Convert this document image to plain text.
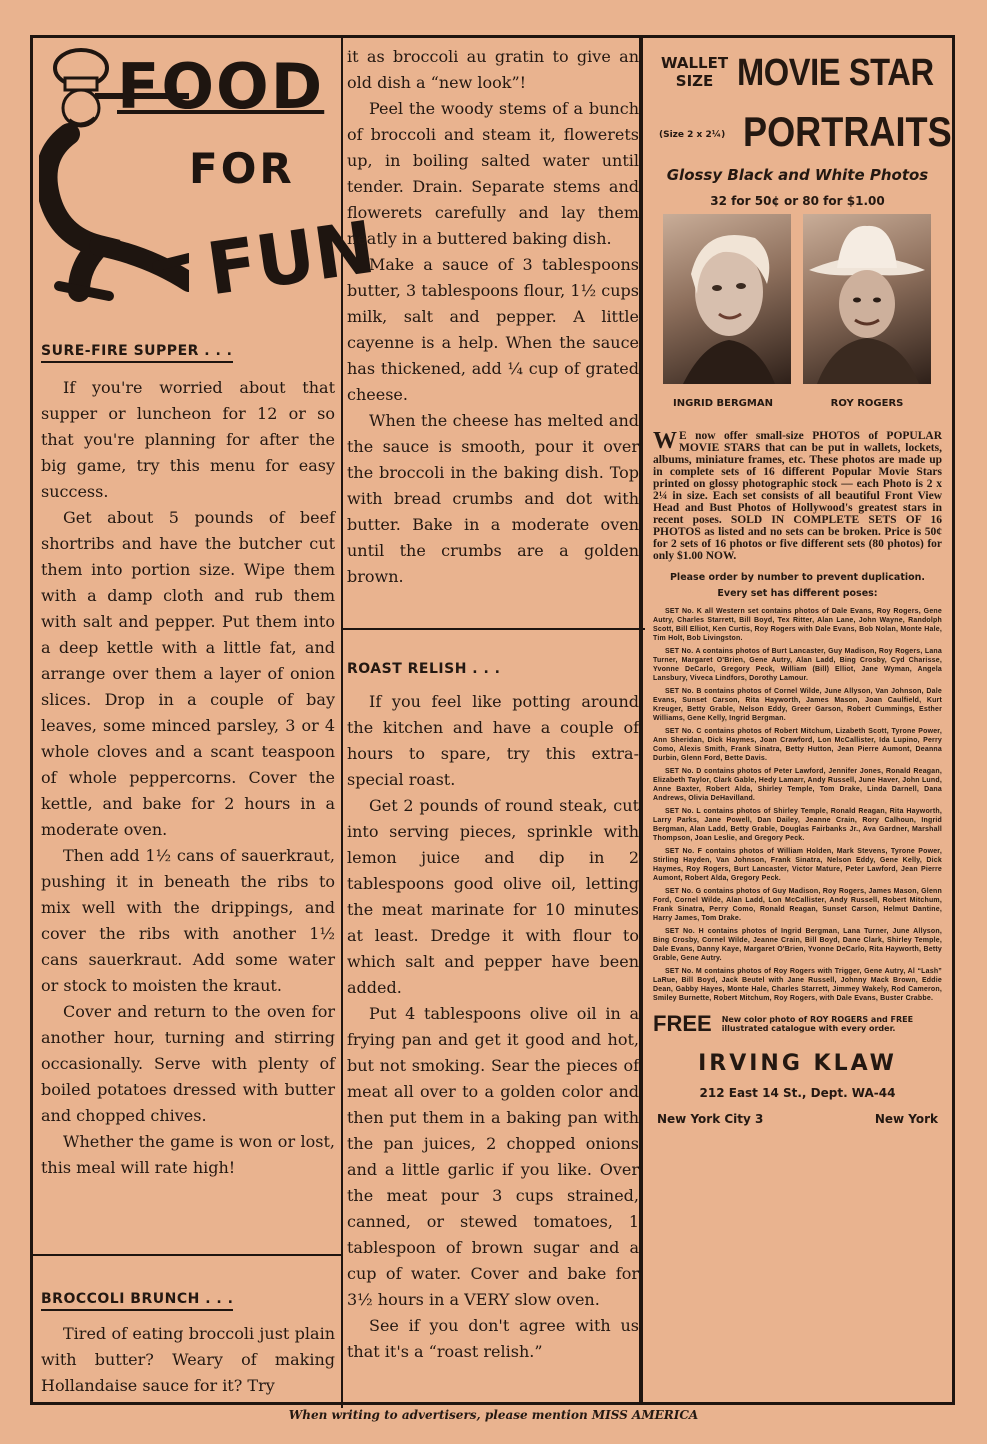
FOOD
FOR
FUN
SURE-FIRE SUPPER . . .

If you're worried about that supper or luncheon for 12 or so that you're planning for after the big game, try this menu for easy success.

Get about 5 pounds of beef shortribs and have the butcher cut them into portion size. Wipe them with a damp cloth and rub them with salt and pepper. Put them into a deep kettle with a little fat, and arrange over them a layer of onion slices. Drop in a couple of bay leaves, some minced parsley, 3 or 4 whole cloves and a scant teaspoon of whole peppercorns. Cover the kettle, and bake for 2 hours in a moderate oven.

Then add 1½ cans of sauerkraut, pushing it in beneath the ribs to mix well with the drippings, and cover the ribs with another 1½ cans sauerkraut. Add some water or stock to moisten the kraut.

Cover and return to the oven for another hour, turning and stirring occasionally. Serve with plenty of boiled potatoes dressed with butter and chopped chives.

Whether the game is won or lost, this meal will rate high!

BROCCOLI BRUNCH . . .

Tired of eating broccoli just plain with butter? Weary of making Hollandaise sauce for it? Try

it as broccoli au gratin to give an old dish a “new look”!

Peel the woody stems of a bunch of broccoli and steam it, flowerets up, in boiling salted water until tender. Drain. Separate stems and flowerets carefully and lay them neatly in a buttered baking dish.

Make a sauce of 3 tablespoons butter, 3 tablespoons flour, 1½ cups milk, salt and pepper. A little cayenne is a help. When the sauce has thickened, add ¼ cup of grated cheese.

When the cheese has melted and the sauce is smooth, pour it over the broccoli in the baking dish. Top with bread crumbs and dot with butter. Bake in a moderate oven until the crumbs are a golden brown.

ROAST RELISH . . .

If you feel like potting around the kitchen and have a couple of hours to spare, try this extra-special roast.

Get 2 pounds of round steak, cut into serving pieces, sprinkle with lemon juice and dip in 2 tablespoons good olive oil, letting the meat marinate for 10 minutes at least. Dredge it with flour to which salt and pepper have been added.

Put 4 tablespoons olive oil in a frying pan and get it good and hot, but not smoking. Sear the pieces of meat all over to a golden color and then put them in a baking pan with the pan juices, 2 chopped onions and a little garlic if you like. Over the meat pour 3 cups strained, canned, or stewed tomatoes, 1 tablespoon of brown sugar and a cup of water. Cover and bake for 3½ hours in a VERY slow oven.

See if you don't agree with us that it's a “roast relish.”

WALLET
SIZE MOVIE STAR
(Size 2 x 2¼) PORTRAITS
Glossy Black and White Photos
32 for 50¢ or 80 for $1.00
INGRID BERGMAN	ROY ROGERS
W E now offer small-size PHOTOS of POPULAR MOVIE STARS that can be put in wallets, lockets, albums, miniature frames, etc. These photos are made up in complete sets of 16 different Popular Movie Stars printed on glossy photographic stock — each Photo is 2 x 2¼ in size. Each set consists of all beautiful Front View Head and Bust Photos of Hollywood's greatest stars in recent poses. SOLD IN COMPLETE SETS OF 16 PHOTOS as listed and no sets can be broken. Price is 50¢ for 2 sets of 16 photos or five different sets (80 photos) for only $1.00 NOW.
Please order by number to prevent duplication.
Every set has different poses:

SET No. K all Western set contains photos of Dale Evans, Roy Rogers, Gene Autry, Charles Starrett, Bill Boyd, Tex Ritter, Alan Lane, John Wayne, Randolph Scott, Bill Elliot, Ken Curtis, Roy Rogers with Dale Evans, Bob Nolan, Monte Hale, Tim Holt, Bob Livingston.

SET No. A contains photos of Burt Lancaster, Guy Madison, Roy Rogers, Lana Turner, Margaret O'Brien, Gene Autry, Alan Ladd, Bing Crosby, Cyd Charisse, Yvonne DeCarlo, Gregory Peck, William (Bill) Elliot, Jane Wyman, Angela Lansbury, Viveca Lindfors, Dorothy Lamour.

SET No. B contains photos of Cornel Wilde, June Allyson, Van Johnson, Dale Evans, Sunset Carson, Rita Hayworth, James Mason, Joan Caulfield, Kurt Kreuger, Betty Grable, Nelson Eddy, Greer Garson, Robert Cummings, Esther Williams, Gene Kelly, Ingrid Bergman.

SET No. C contains photos of Robert Mitchum, Lizabeth Scott, Tyrone Power, Ann Sheridan, Dick Haymes, Joan Crawford, Lon McCallister, Ida Lupino, Perry Como, Alexis Smith, Frank Sinatra, Betty Hutton, Jean Pierre Aumont, Deanna Durbin, Glenn Ford, Bette Davis.

SET No. D contains photos of Peter Lawford, Jennifer Jones, Ronald Reagan, Elizabeth Taylor, Clark Gable, Hedy Lamarr, Andy Russell, June Haver, John Lund, Anne Baxter, Robert Alda, Shirley Temple, Tom Drake, Linda Darnell, Dana Andrews, Olivia DeHavilland.

SET No. L contains photos of Shirley Temple, Ronald Reagan, Rita Hayworth, Larry Parks, Jane Powell, Dan Dailey, Jeanne Crain, Rory Calhoun, Ingrid Bergman, Alan Ladd, Betty Grable, Douglas Fairbanks Jr., Ava Gardner, Marshall Thompson, Joan Leslie, and Gregory Peck.

SET No. F contains photos of William Holden, Mark Stevens, Tyrone Power, Stirling Hayden, Van Johnson, Frank Sinatra, Nelson Eddy, Gene Kelly, Dick Haymes, Roy Rogers, Burt Lancaster, Victor Mature, Peter Lawford, Jean Pierre Aumont, Robert Alda, Gregory Peck.

SET No. G contains photos of Guy Madison, Roy Rogers, James Mason, Glenn Ford, Cornel Wilde, Alan Ladd, Lon McCallister, Andy Russell, Robert Mitchum, Frank Sinatra, Perry Como, Ronald Reagan, Sunset Carson, Helmut Dantine, Harry James, Tom Drake.

SET No. H contains photos of Ingrid Bergman, Lana Turner, June Allyson, Bing Crosby, Cornel Wilde, Jeanne Crain, Bill Boyd, Dane Clark, Shirley Temple, Dale Evans, Danny Kaye, Margaret O'Brien, Yvonne DeCarlo, Rita Hayworth, Betty Grable, Gene Autry.

SET No. M contains photos of Roy Rogers with Trigger, Gene Autry, Al “Lash” LaRue, Bill Boyd, Jack Beutel with Jane Russell, Johnny Mack Brown, Eddie Dean, Gabby Hayes, Monte Hale, Charles Starrett, Jimmey Wakely, Rod Cameron, Smiley Burnette, Robert Mitchum, Roy Rogers, with Dale Evans, Buster Crabbe.

FREE New color photo of ROY ROGERS and FREE illustrated catalogue with every order.
IRVING KLAW
212 East 14 St., Dept. WA-44
New York City 3	New York
When writing to advertisers, please mention MISS AMERICA
